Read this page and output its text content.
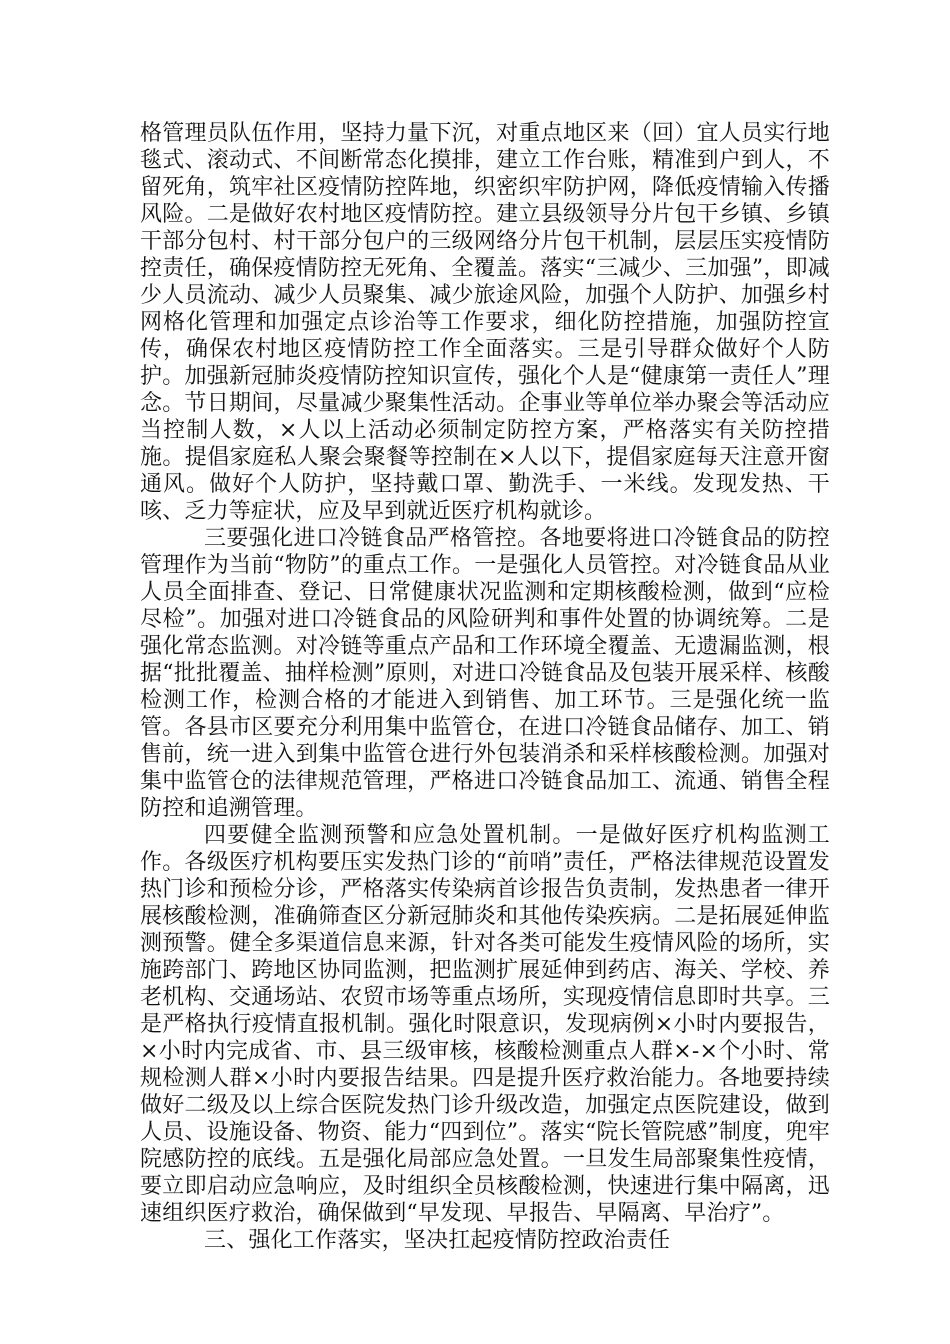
格管理员队伍作用，坚持力量下沉，对重点地区来（回）宜人员实行地毯式、滚动式、不间断常态化摸排，建立工作台账，精准到户到人，不留死角，筑牢社区疫情防控阵地，织密织牢防护网，降低疫情输入传播风险。二是做好农村地区疫情防控。建立县级领导分片包干乡镇、乡镇干部分包村、村干部分包户的三级网络分片包干机制，层层压实疫情防控责任，确保疫情防控无死角、全覆盖。落实“三减少、三加强”，即减少人员流动、减少人员聚集、减少旅途风险，加强个人防护、加强乡村网格化管理和加强定点诊治等工作要求，细化防控措施，加强防控宣传，确保农村地区疫情防控工作全面落实。三是引导群众做好个人防护。加强新冠肺炎疫情防控知识宣传，强化个人是“健康第一责任人”理念。节日期间，尽量减少聚集性活动。企事业等单位举办聚会等活动应当控制人数，×人以上活动必须制定防控方案，严格落实有关防控措施。提倡家庭私人聚会聚餐等控制在×人以下，提倡家庭每天注意开窗通风。做好个人防护，坚持戴口罩、勤洗手、一米线。发现发热、干咳、乏力等症状，应及早到就近医疗机构就诊。

三要强化进口冷链食品严格管控。各地要将进口冷链食品的防控管理作为当前“物防”的重点工作。一是强化人员管控。对冷链食品从业人员全面排查、登记、日常健康状况监测和定期核酸检测，做到“应检尽检”。加强对进口冷链食品的风险研判和事件处置的协调统筹。二是强化常态监测。对冷链等重点产品和工作环境全覆盖、无遗漏监测，根据“批批覆盖、抽样检测”原则，对进口冷链食品及包装开展采样、核酸检测工作，检测合格的才能进入到销售、加工环节。三是强化统一监管。各县市区要充分利用集中监管仓，在进口冷链食品储存、加工、销售前，统一进入到集中监管仓进行外包装消杀和采样核酸检测。加强对集中监管仓的法律规范管理，严格进口冷链食品加工、流通、销售全程防控和追溯管理。

四要健全监测预警和应急处置机制。一是做好医疗机构监测工作。各级医疗机构要压实发热门诊的“前哨”责任，严格法律规范设置发热门诊和预检分诊，严格落实传染病首诊报告负责制，发热患者一律开展核酸检测，准确筛查区分新冠肺炎和其他传染疾病。二是拓展延伸监测预警。健全多渠道信息来源，针对各类可能发生疫情风险的场所，实施跨部门、跨地区协同监测，把监测扩展延伸到药店、海关、学校、养老机构、交通场站、农贸市场等重点场所，实现疫情信息即时共享。三是严格执行疫情直报机制。强化时限意识，发现病例×小时内要报告，×小时内完成省、市、县三级审核，核酸检测重点人群×-×个小时、常规检测人群×小时内要报告结果。四是提升医疗救治能力。各地要持续做好二级及以上综合医院发热门诊升级改造，加强定点医院建设，做到人员、设施设备、物资、能力“四到位”。落实“院长管院感”制度，兜牢院感防控的底线。五是强化局部应急处置。一旦发生局部聚集性疫情，要立即启动应急响应，及时组织全员核酸检测，快速进行集中隔离，迅速组织医疗救治，确保做到“早发现、早报告、早隔离、早治疗”。

三、强化工作落实，坚决扛起疫情防控政治责任
